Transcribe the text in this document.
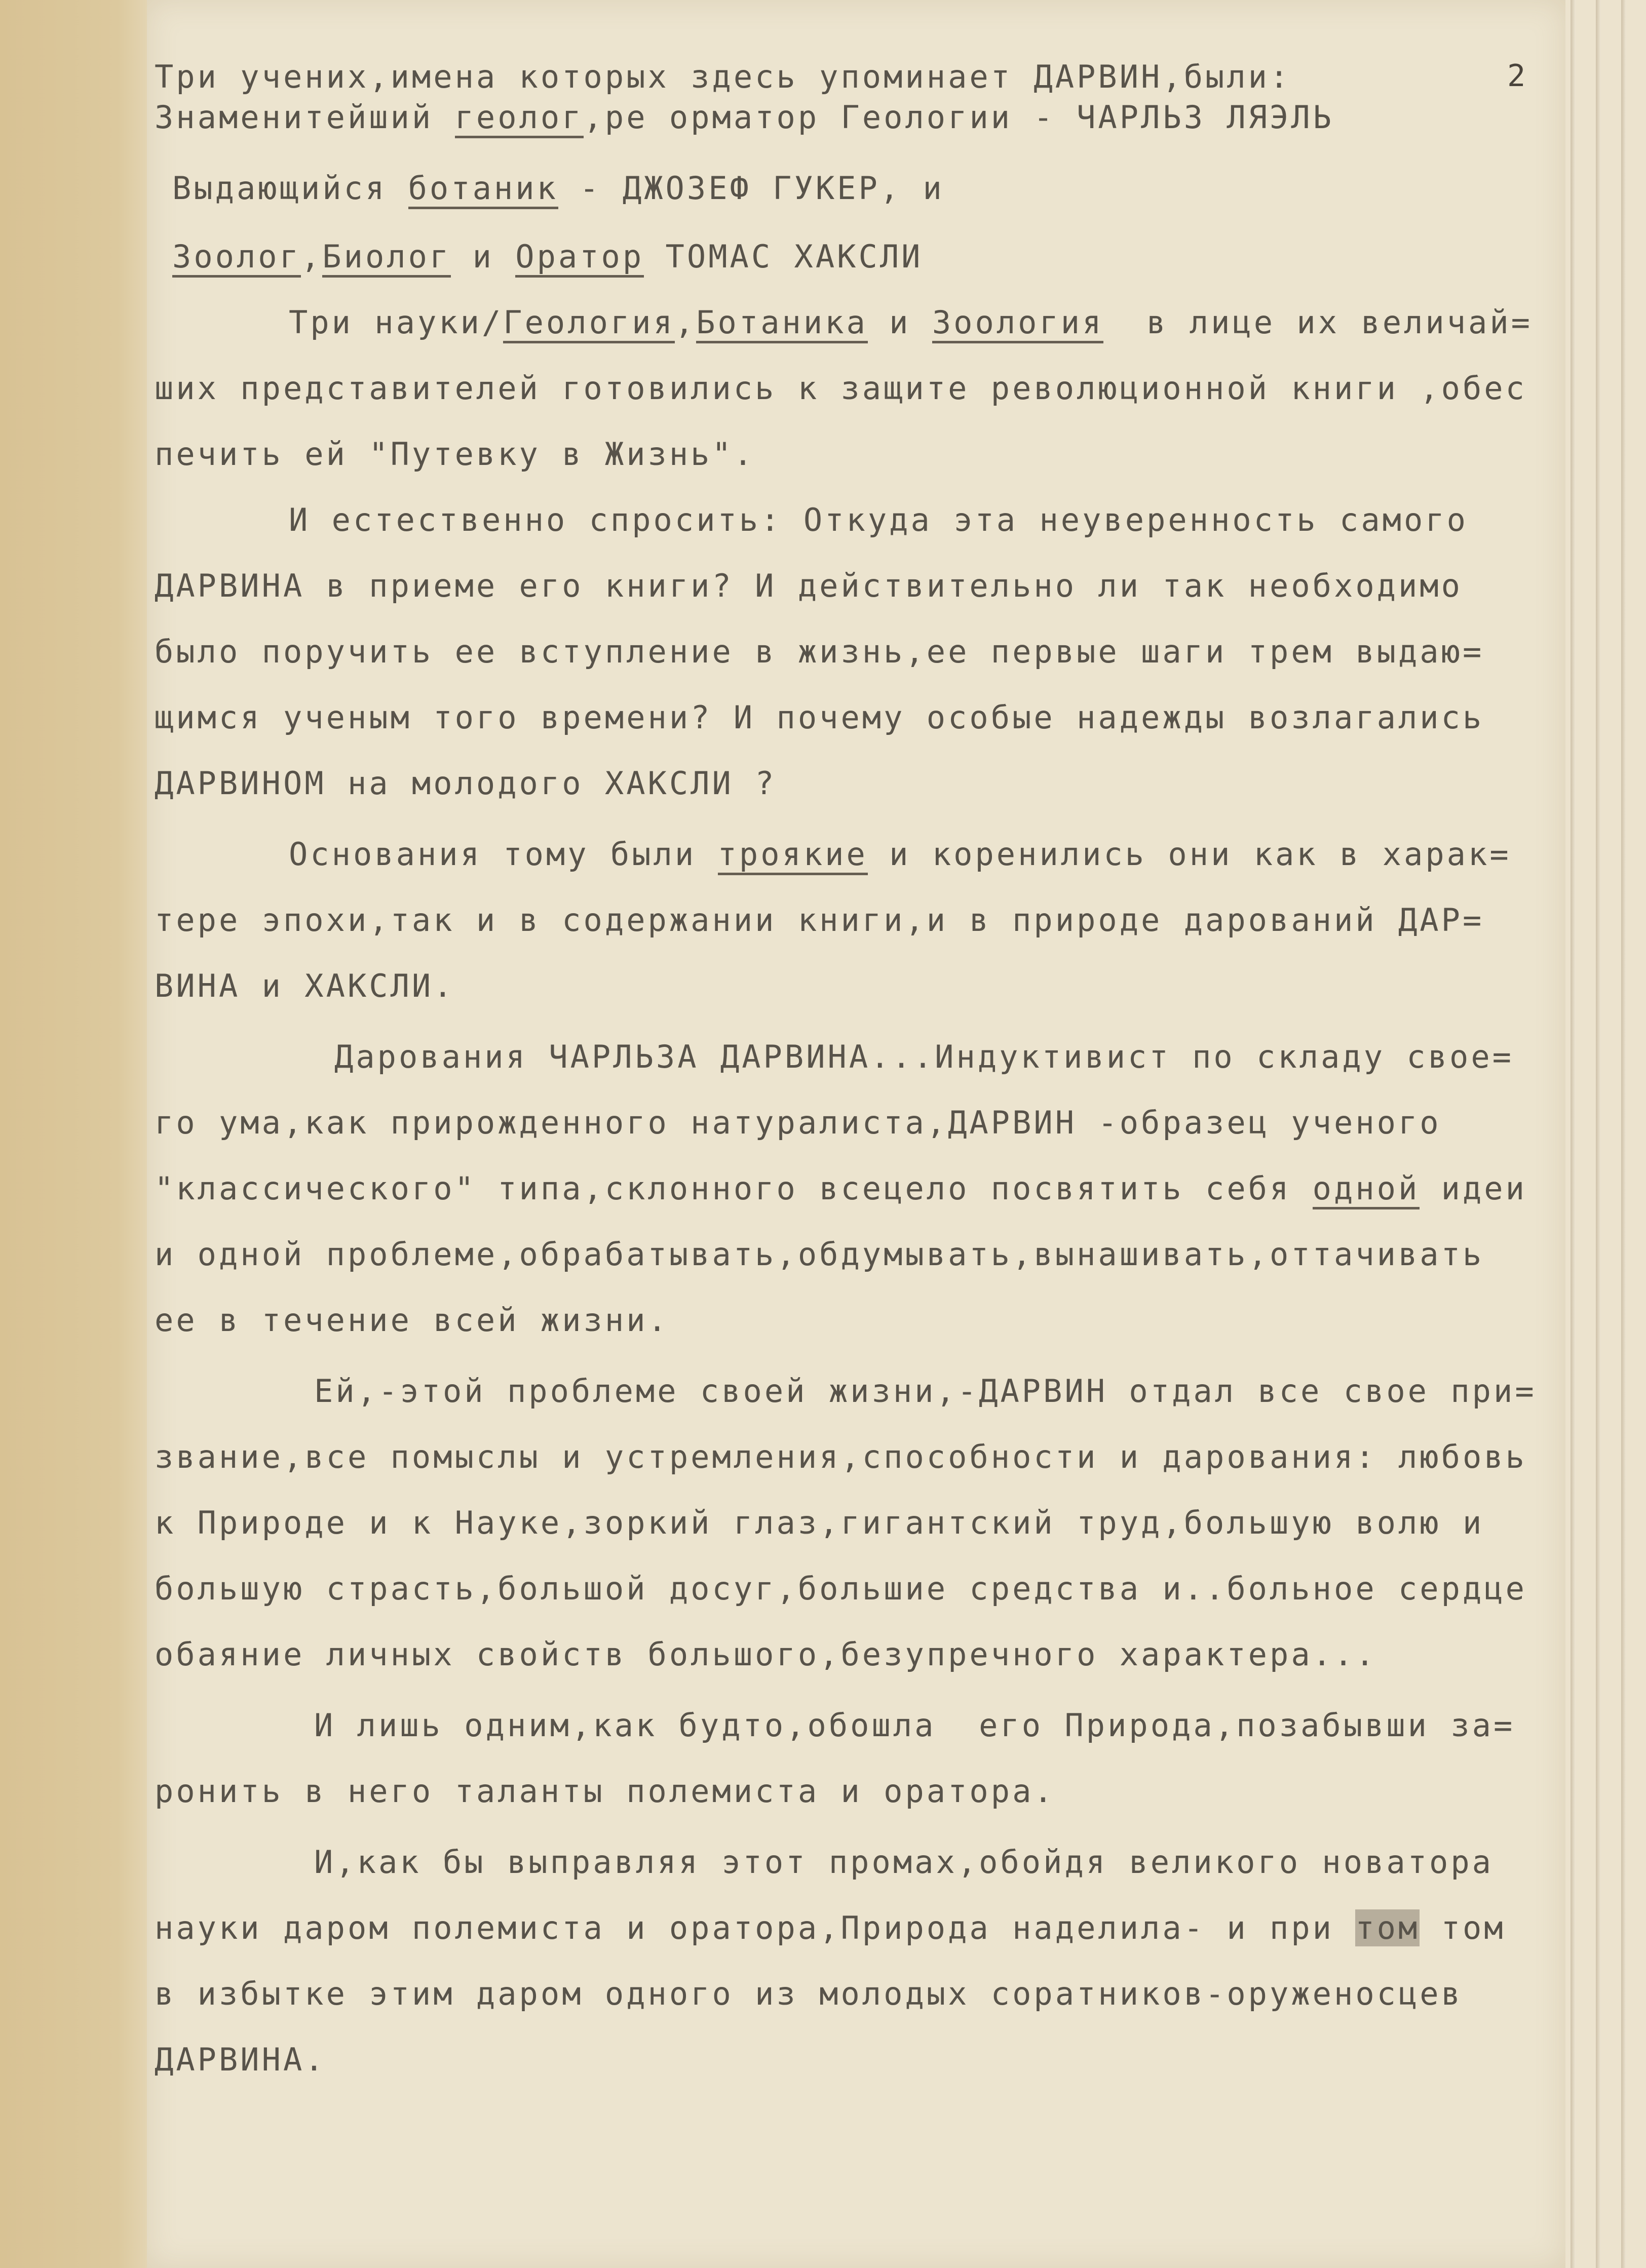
2
Три учених,имена которых здесь упоминает ДАРВИН,были:
Знаменитейший геолог,ре орматор Геологии - ЧАРЛЬЗ ЛЯЭЛЬ
Выдающийся ботаник - ДЖОЗЕФ ГУКЕР, и
Зоолог,Биолог и Оратор ТОМАС ХАКСЛИ
Три науки/Геология,Ботаника и Зоология  в лице их величай=
ших представителей готовились к защите революционной книги ,обес
печить ей "Путевку в Жизнь".
И естественно спросить: Откуда эта неуверенность самого
ДАРВИНА в приеме его книги? И действительно ли так необходимо
было поручить ее вступление в жизнь,ее первые шаги трем выдаю=
щимся ученым того времени? И почему особые надежды возлагались
ДАРВИНОМ на молодого ХАКСЛИ ?
Основания тому были трoякие и коренились они как в харак=
тере эпохи,так и в содержании книги,и в природе дарований ДАР=
ВИНА и ХАКСЛИ.
Дарования ЧАРЛЬЗА ДАРВИНА...Индуктивист по складу свое=
го ума,как прирожденного натуралиста,ДАРВИН -образец ученого
"классического" типа,склонного всецело посвятить себя одной идеи
и одной проблеме,обрабатывать,обдумывать,вынашивать,оттачивать
ее в течение всей жизни.
Ей,-этой проблеме своей жизни,-ДАРВИН отдал все свое при=
звание,все помыслы и устремления,способности и дарования: любовь
к Природе и к Науке,зоркий глаз,гигантский труд,большую волю и
большую страсть,большой досуг,большие средства и..больное сердце
обаяние личных свойств большого,безупречного характера...
И лишь одним,как будто,обошла  его Природа,позабывши за=
ронить в него таланты полемиста и оратора.
И,как бы выправляя этот промах,обойдя великого новатора
науки даром полемиста и оратора,Природа наделила- и при том том
в избытке этим даром одного из молодых соратников-оруженосцев
ДАРВИНА.
